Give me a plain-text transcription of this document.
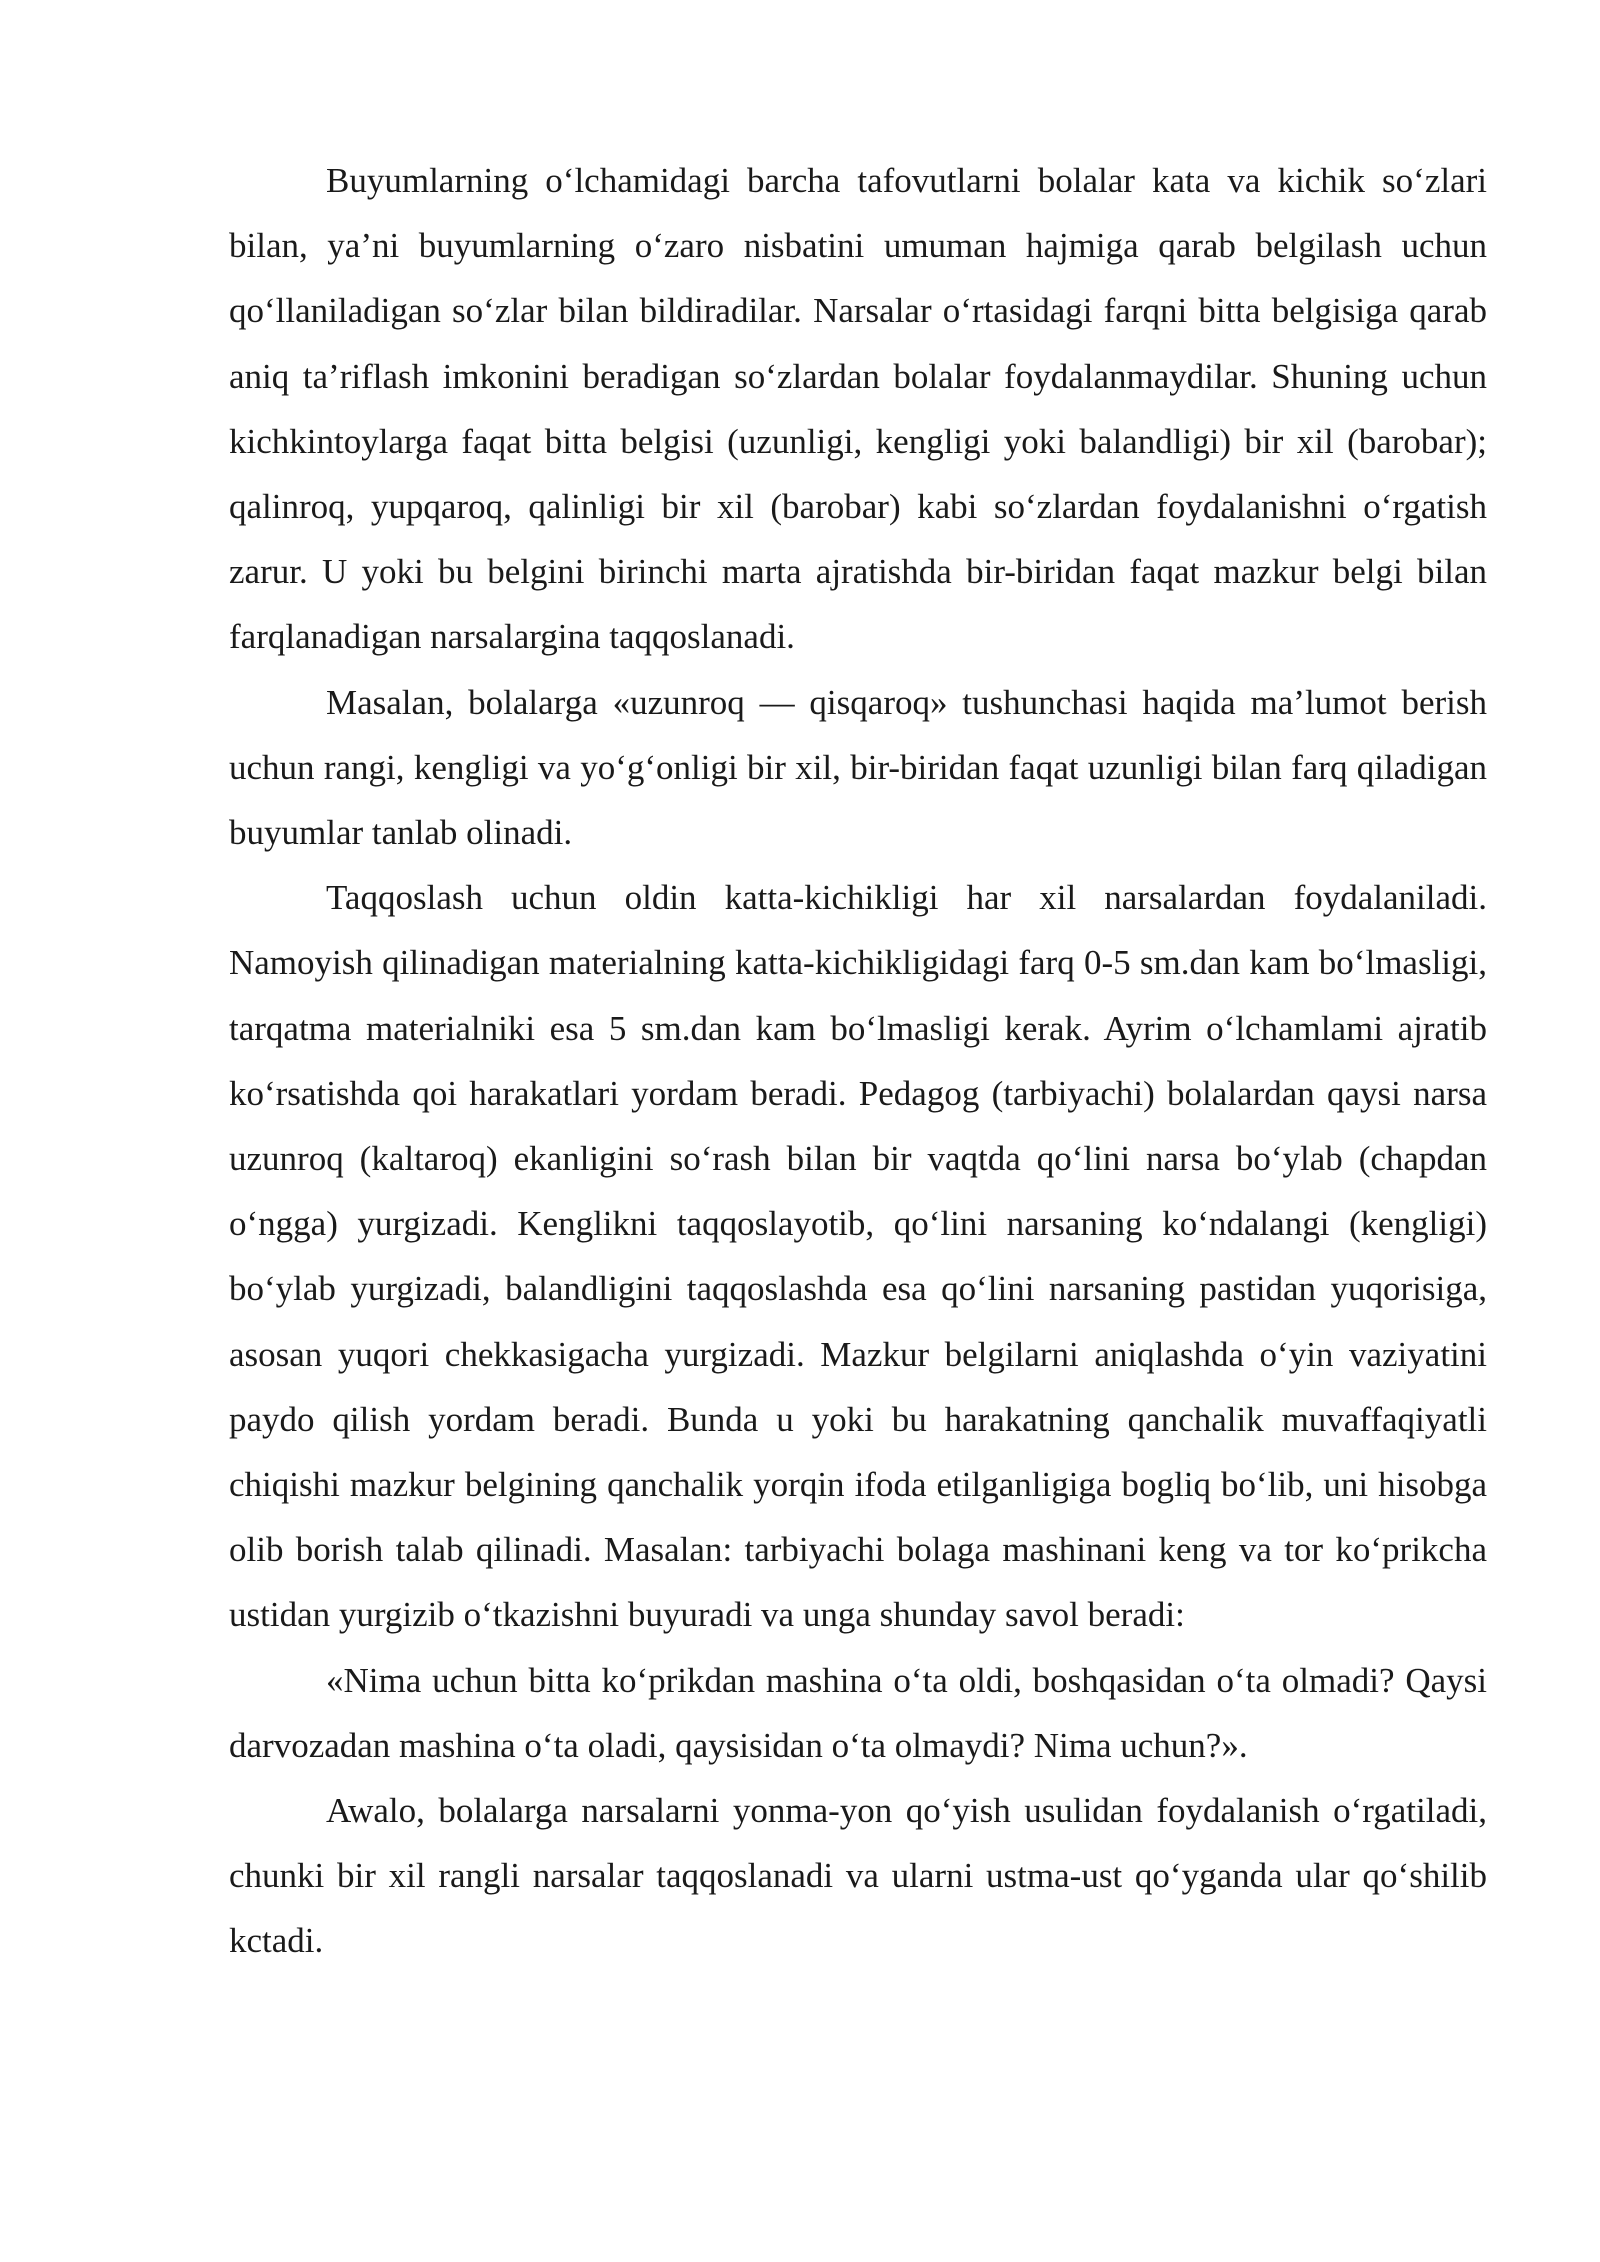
Buyumlarning o‘lchamidagi barcha tafovutlarni bolalar kata va kichik so‘zlari bilan, ya’ni buyumlarning o‘zaro nisbatini umuman hajmiga qarab belgilash uchun qo‘llaniladigan so‘zlar bilan bildiradilar. Narsalar o‘rtasidagi farqni bitta belgisiga qarab aniq ta’riflash imkonini beradigan so‘zlardan bolalar foydalanmaydilar. Shuning uchun kichkintoylarga faqat bitta belgisi (uzunligi, kengligi yoki balandligi) bir xil (barobar); qalinroq, yupqaroq, qalinligi bir xil (barobar) kabi so‘zlardan foydalanishni o‘rgatish zarur. U yoki bu belgini birinchi marta ajratishda bir-biridan faqat mazkur belgi bilan farqlanadigan narsalargina taqqoslanadi.

Masalan, bolalarga «uzunroq — qisqaroq» tushunchasi haqida ma’lumot berish uchun rangi, kengligi va yo‘g‘onligi bir xil, bir-biridan faqat uzunligi bilan farq qiladigan buyumlar tanlab olinadi.

Taqqoslash uchun oldin katta-kichikligi har xil narsalardan foydalaniladi. Namoyish qilinadigan materialning katta-kichikligidagi farq 0-5 sm.dan kam bo‘lmasligi, tarqatma materialniki esa 5 sm.dan kam bo‘lmasligi kerak. Ayrim o‘lchamlami ajratib ko‘rsatishda qoi harakatlari yordam beradi. Pedagog (tarbiyachi) bolalardan qaysi narsa uzunroq (kaltaroq) ekanligini so‘rash bilan bir vaqtda qo‘lini narsa bo‘ylab (chapdan o‘ngga) yurgizadi. Kenglikni taqqoslayotib, qo‘lini narsaning ko‘ndalangi (kengligi) bo‘ylab yurgizadi, balandligini taqqoslashda esa qo‘lini narsaning pastidan yuqorisiga, asosan yuqori chekkasigacha yurgizadi. Mazkur belgilarni aniqlashda o‘yin vaziyatini paydo qilish yordam beradi. Bunda u yoki bu harakatning qanchalik muvaffaqiyatli chiqishi mazkur belgining qanchalik yorqin ifoda etilganligiga bogliq bo‘lib, uni hisobga olib borish talab qilinadi. Masalan: tarbiyachi bolaga mashinani keng va tor ko‘prikcha ustidan yurgizib o‘tkazishni buyuradi va unga shunday savol beradi:

«Nima uchun bitta ko‘prikdan mashina o‘ta oldi, boshqasidan o‘ta olmadi? Qaysi darvozadan mashina o‘ta oladi, qaysisidan o‘ta olmaydi? Nima uchun?».

Awalo, bolalarga narsalarni yonma-yon qo‘yish usulidan foydalanish o‘rgatiladi, chunki bir xil rangli narsalar taqqoslanadi va ularni ustma-ust qo‘yganda ular qo‘shilib kctadi.
